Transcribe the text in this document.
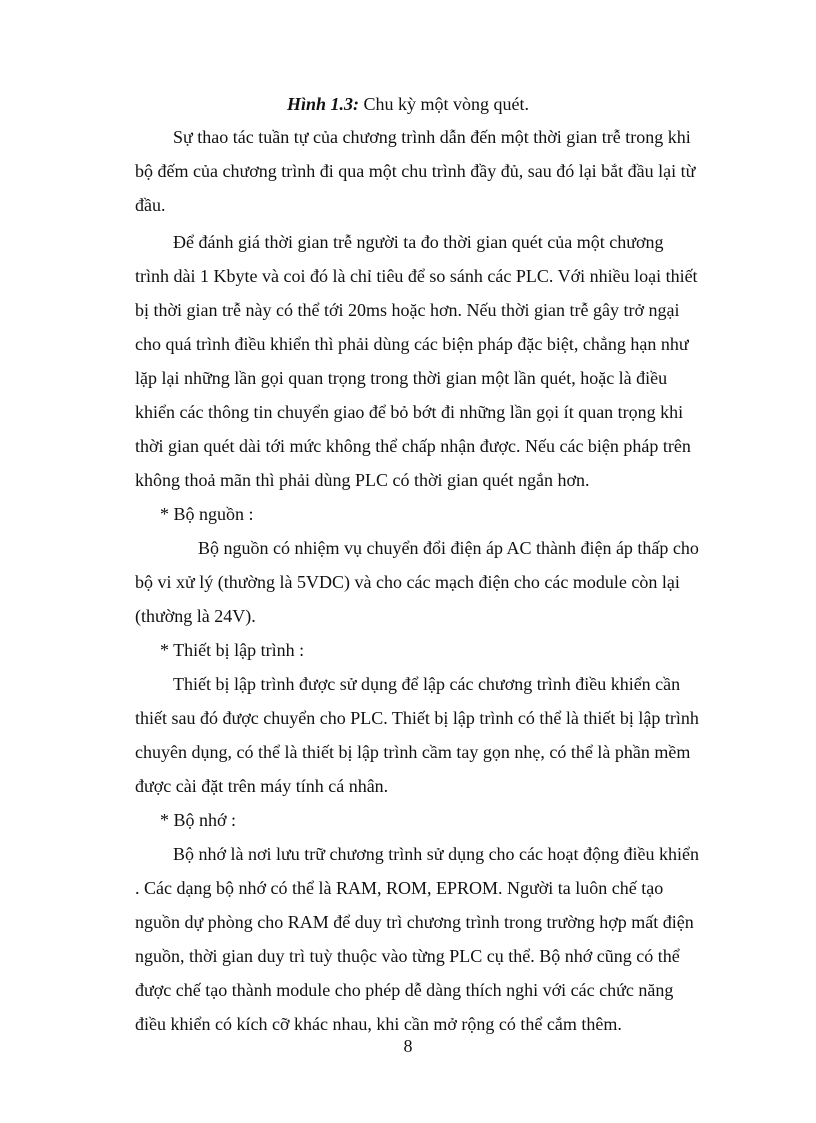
Hình 1.3: Chu kỳ một vòng quét.
Sự thao tác tuần tự của chương trình dẫn đến một thời gian trễ trong khi
bộ đếm của chương trình đi qua một chu trình đầy đủ, sau đó lại bắt đầu lại từ
đầu.
Để đánh giá thời gian trễ người ta đo thời gian quét của một chương
trình dài 1 Kbyte và coi đó là chỉ tiêu để so sánh các PLC. Với nhiều loại thiết
bị thời gian trễ này có thể tới 20ms hoặc hơn. Nếu thời gian trễ gây trở ngại
cho quá trình điều khiển thì phải dùng các biện pháp đặc biệt, chẳng hạn như
lặp lại những lần gọi quan trọng trong thời gian một lần quét, hoặc là điều
khiển các thông tin chuyển giao để bỏ bớt đi những lần gọi ít quan trọng khi
thời gian quét dài tới mức không thể chấp nhận được. Nếu các biện pháp trên
không thoả mãn thì phải dùng PLC có thời gian quét ngắn hơn.
* Bộ nguồn :
Bộ nguồn có nhiệm vụ chuyển đổi điện áp AC thành điện áp thấp cho
bộ vi xử lý (thường là 5VDC) và cho các mạch điện cho các module còn lại
(thường là 24V).
* Thiết bị lập trình :
Thiết bị lập trình được sử dụng để lập các chương trình điều khiển cần
thiết sau đó được chuyển cho PLC. Thiết bị lập trình có thể là thiết bị lập trình
chuyên dụng, có thể là thiết bị lập trình cầm tay gọn nhẹ, có thể là phần mềm
được cài đặt trên máy tính cá nhân.
* Bộ nhớ :
Bộ nhớ là nơi lưu trữ chương trình sử dụng cho các hoạt động điều khiển
. Các dạng bộ nhớ có thể là RAM, ROM, EPROM. Người ta luôn chế tạo
nguồn dự phòng cho RAM để duy trì chương trình trong trường hợp mất điện
nguồn, thời gian duy trì tuỳ thuộc vào từng PLC cụ thể. Bộ nhớ cũng có thể
được chế tạo thành module cho phép dễ dàng thích nghi với các chức năng
điều khiển có kích cỡ khác nhau, khi cần mở rộng có thể cắm thêm.
8
